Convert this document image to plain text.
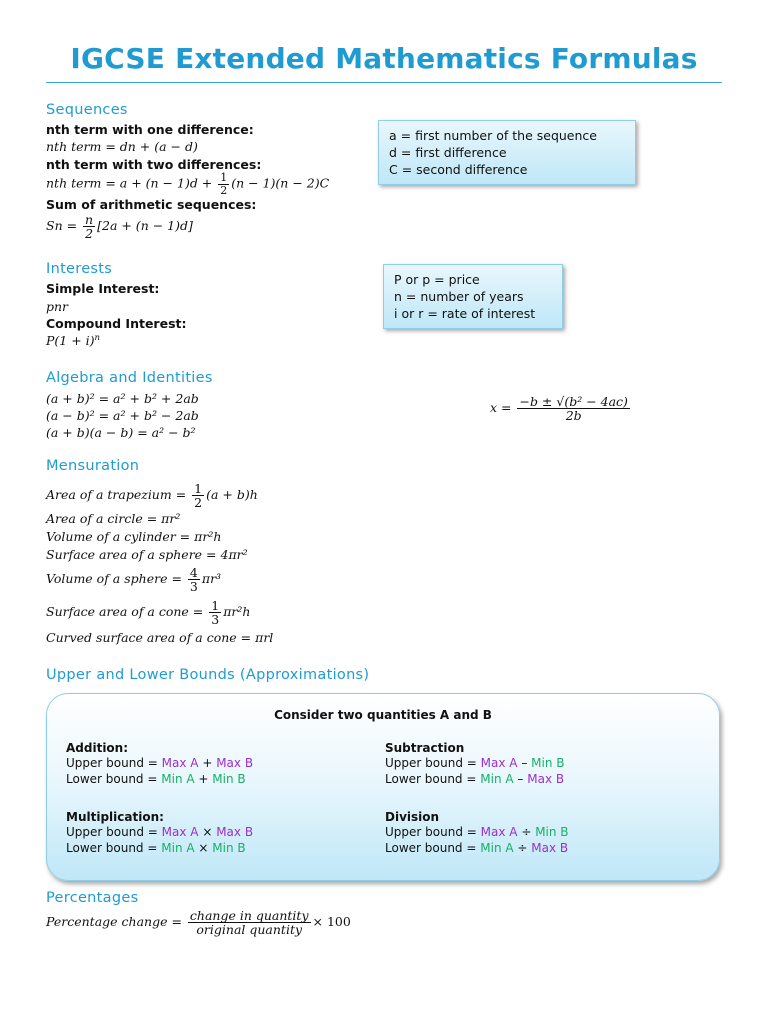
IGCSE Extended Mathematics Formulas
Sequences
nth term with one difference:
nth term = dn + (a − d)
nth term with two differences:
nth term = $a + (n - 1)d + \frac{1}{2} (n - 1)(n - 2)C$
Sum of arithmetic sequences:
$Sn = \frac{n}{2} [2a + (n - 1)d]$
a = first number of the sequence
d = first difference
C = second difference
Interests
Simple Interest:
pnr
Compound Interest:
$P(1 + i)^n$
P or p = price
n = number of years
i or r = rate of interest
Algebra and Identities
(a + b)² = a² + b² + 2ab
(a − b)² = a² + b² − 2ab
(a + b)(a − b) = a² − b²
$x = \frac{\text{−b ± √(b² − 4ac)}}{2b}$
Mensuration
Area of a trapezium = $\frac{1}{2} (a + b)h$
Area of a circle = πr²
Volume of a cylinder = πr²h
Surface area of a sphere = 4πr²
Volume of a sphere = $\frac{4}{3} \pi r^3$
Surface area of a cone = $\frac{1}{3} \pi r^2h$
Curved surface area of a cone = πrl
Upper and Lower Bounds (Approximations)
Consider two quantities A and B
Addition:
Upper bound = Max A + Max B
Lower bound = Min A + Min B
Subtraction
Upper bound = Max A – Min B
Lower bound = Min A – Max B
Multiplication:
Upper bound = Max A × Max B
Lower bound = Min A × Min B
Division
Upper bound = Max A ÷ Min B
Lower bound = Min A ÷ Max B
Percentages
Percentage change = $\frac{\text{change in quantity}}{\text{original quantity}} \times 100$
